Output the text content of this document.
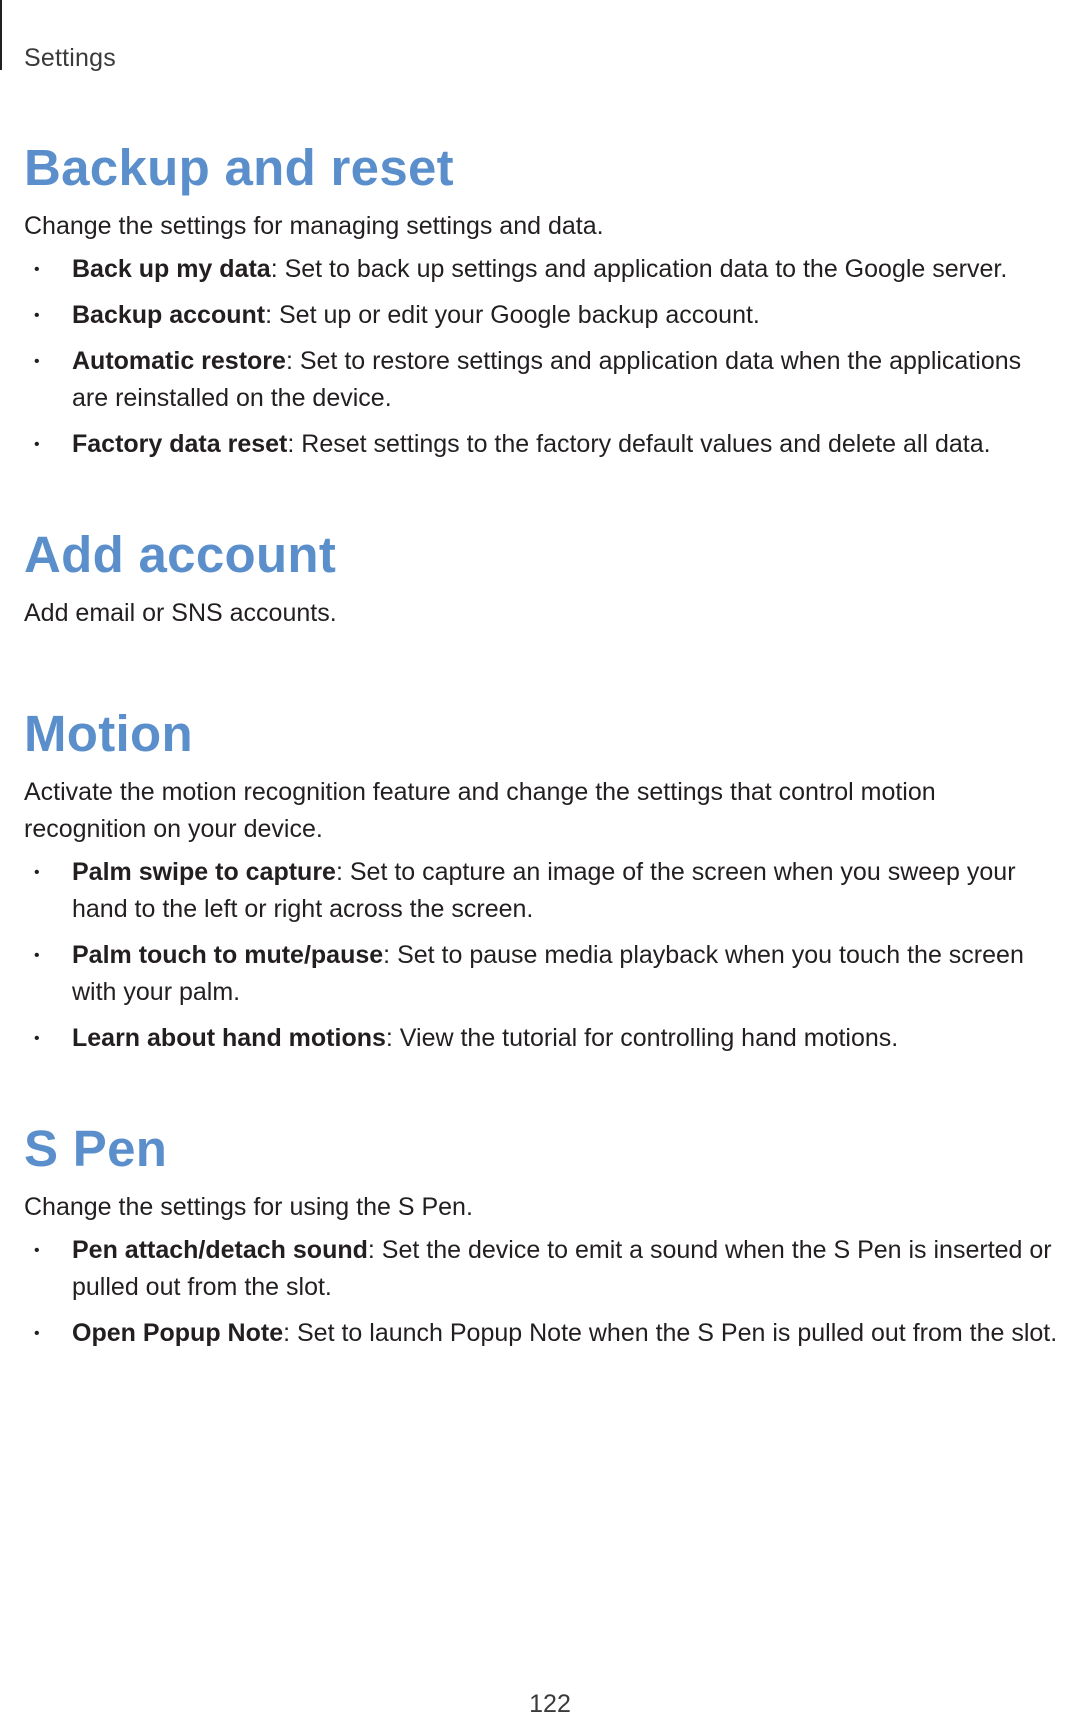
Settings
Backup and reset

Change the settings for managing settings and data.

• Back up my data: Set to back up settings and application data to the Google server.
• Backup account: Set up or edit your Google backup account.
• Automatic restore: Set to restore settings and application data when the applications are reinstalled on the device.
• Factory data reset: Reset settings to the factory default values and delete all data.
Add account

Add email or SNS accounts.

Motion

Activate the motion recognition feature and change the settings that control motion recognition on your device.

• Palm swipe to capture: Set to capture an image of the screen when you sweep your hand to the left or right across the screen.
• Palm touch to mute/pause: Set to pause media playback when you touch the screen with your palm.
• Learn about hand motions: View the tutorial for controlling hand motions.
S Pen

Change the settings for using the S Pen.

• Pen attach/detach sound: Set the device to emit a sound when the S Pen is inserted or pulled out from the slot.
• Open Popup Note: Set to launch Popup Note when the S Pen is pulled out from the slot.
122
